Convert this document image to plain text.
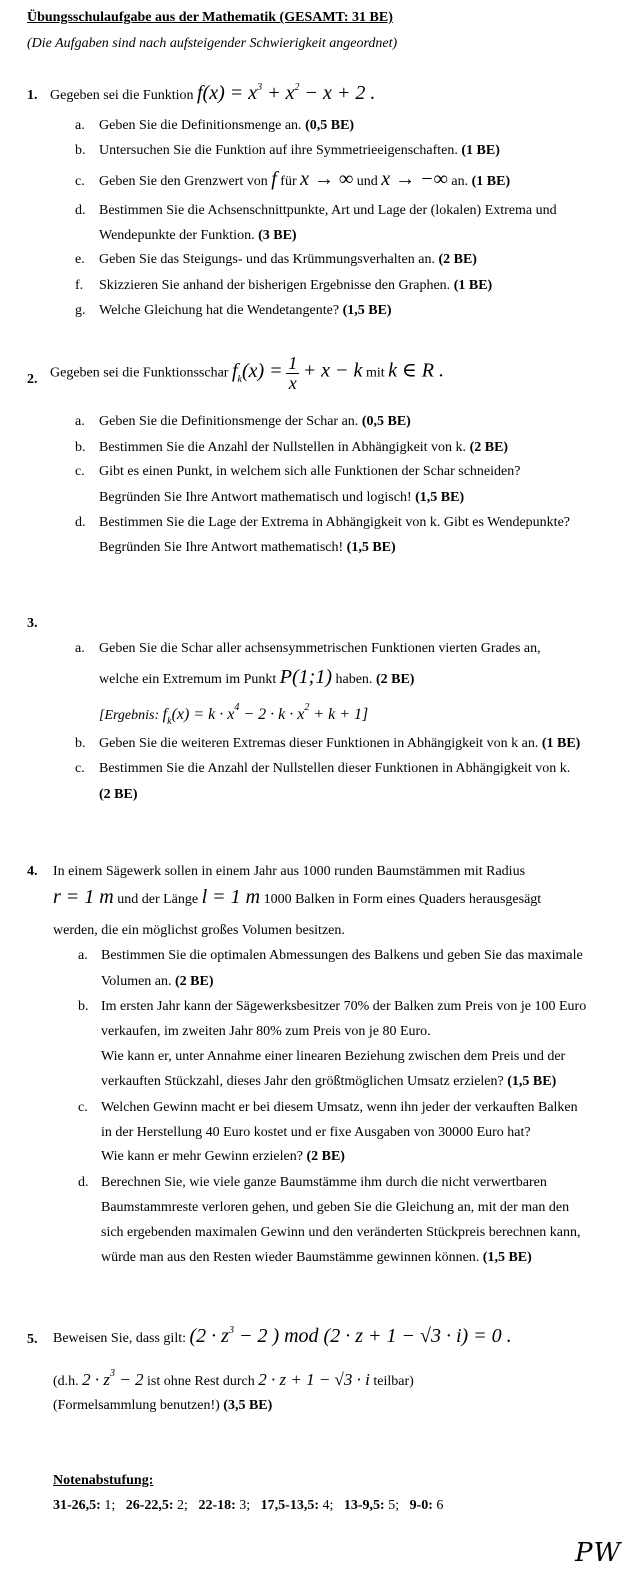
Übungsschulaufgabe aus der Mathematik (GESAMT: 31 BE)
(Die Aufgaben sind nach aufsteigender Schwierigkeit angeordnet)
1. Gegeben sei die Funktion $f(x) = x^3 + x^2 - x + 2$ .
a. Geben Sie die Definitionsmenge an. (0,5 BE)
b. Untersuchen Sie die Funktion auf ihre Symmetrieeigenschaften. (1 BE)
c. Geben Sie den Grenzwert von f für x → ∞ und x → −∞ an. (1 BE)
d. Bestimmen Sie die Achsenschnittpunkte, Art und Lage der (lokalen) Extrema und
Wendepunkte der Funktion. (3 BE)
e. Geben Sie das Steigungs- und das Krümmungsverhalten an. (2 BE)
f. Skizzieren Sie anhand der bisherigen Ergebnisse den Graphen. (1 BE)
g. Welche Gleichung hat die Wendetangente? (1,5 BE)
2. Gegeben sei die Funktionsschar $f_k(x) = \frac{1}{x} + x - k$ mit k ∈ R .
a. Geben Sie die Definitionsmenge der Schar an. (0,5 BE)
b. Bestimmen Sie die Anzahl der Nullstellen in Abhängigkeit von k. (2 BE)
c. Gibt es einen Punkt, in welchem sich alle Funktionen der Schar schneiden?
Begründen Sie Ihre Antwort mathematisch und logisch! (1,5 BE)
d. Bestimmen Sie die Lage der Extrema in Abhängigkeit von k. Gibt es Wendepunkte?
Begründen Sie Ihre Antwort mathematisch! (1,5 BE)
3.
a. Geben Sie die Schar aller achsensymmetrischen Funktionen vierten Grades an,
welche ein Extremum im Punkt P(1;1) haben. (2 BE)
[Ergebnis: $f_k(x) = k \cdot x^4 - 2 \cdot k \cdot x^2 + k + 1$]
b. Geben Sie die weiteren Extremas dieser Funktionen in Abhängigkeit von k an. (1 BE)
c. Bestimmen Sie die Anzahl der Nullstellen dieser Funktionen in Abhängigkeit von k.
(2 BE)
4. In einem Sägewerk sollen in einem Jahr aus 1000 runden Baumstämmen mit Radius
r = 1 m und der Länge l = 1 m 1000 Balken in Form eines Quaders herausgesägt
werden, die ein möglichst großes Volumen besitzen.
a. Bestimmen Sie die optimalen Abmessungen des Balkens und geben Sie das maximale
Volumen an. (2 BE)
b. Im ersten Jahr kann der Sägewerksbesitzer 70% der Balken zum Preis von je 100 Euro
verkaufen, im zweiten Jahr 80% zum Preis von je 80 Euro.
Wie kann er, unter Annahme einer linearen Beziehung zwischen dem Preis und der
verkauften Stückzahl, dieses Jahr den größtmöglichen Umsatz erzielen? (1,5 BE)
c. Welchen Gewinn macht er bei diesem Umsatz, wenn ihn jeder der verkauften Balken
in der Herstellung 40 Euro kostet und er fixe Ausgaben von 30000 Euro hat?
Wie kann er mehr Gewinn erzielen? (2 BE)
d. Berechnen Sie, wie viele ganze Baumstämme ihm durch die nicht verwertbaren
Baumstammreste verloren gehen, und geben Sie die Gleichung an, mit der man den
sich ergebenden maximalen Gewinn und den veränderten Stückpreis berechnen kann,
würde man aus den Resten wieder Baumstämme gewinnen können. (1,5 BE)
5. Beweisen Sie, dass gilt: ($2 \cdot z^3 - 2$ ) mod (2 · z + 1 − √3 · i) = 0 .
(d.h. $2 \cdot z^3 - 2$ ist ohne Rest durch 2 · z + 1 − √3 · i teilbar)
(Formelsammlung benutzen!) (3,5 BE)
Notenabstufung:
31-26,5: 1; 26-22,5: 2; 22-18: 3; 17,5-13,5: 4; 13-9,5: 5; 9-0: 6
PW
